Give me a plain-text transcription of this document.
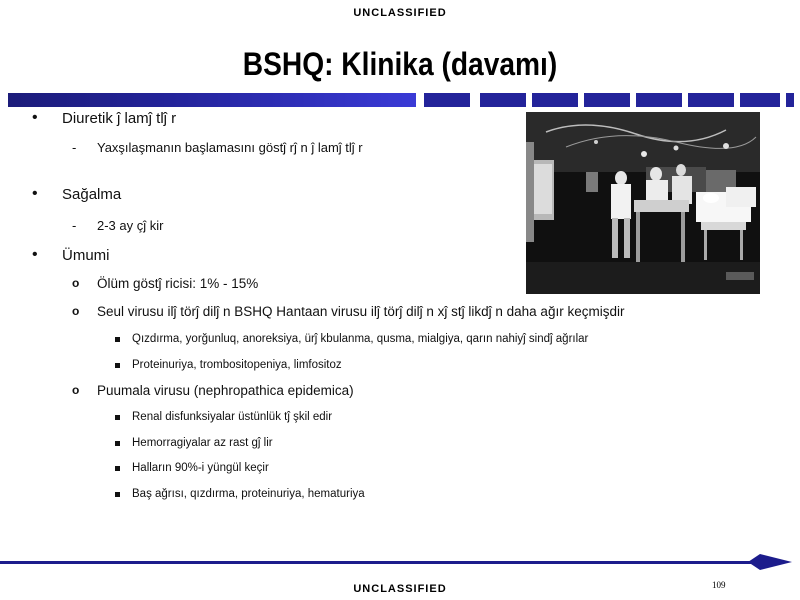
UNCLASSIFIED
BSHQ: Klinika (davamı)
• Diuretik ĵ lamĵ tlĵ r
- Yaxşılaşmanın başlamasını göstĵ rĵ n ĵ lamĵ tlĵ r
• Sağalma
- 2-3 ay çĵ kir
• Ümumi
o Ölüm göstĵ ricisi: 1% - 15%
o Seul virusu ilĵ törĵ dilĵ n BSHQ Hantaan virusu ilĵ törĵ dilĵ n xĵ stĵ likdĵ n daha ağır keçmişdir
Qızdırma, yorğunluq, anoreksiya, ürĵ kbulanma, qusma, mialgiya, qarın nahiyĵ sindĵ ağrılar
Proteinuriya, trombositopeniya, limfositoz
o Puumala virusu (nephropathica epidemica)
Renal disfunksiyalar üstünlük tĵ şkil edir
Hemorragiyalar az rast gĵ lir
Halların 90%-i yüngül keçir
Baş ağrısı, qızdırma, proteinuriya, hematuriya
109
UNCLASSIFIED
